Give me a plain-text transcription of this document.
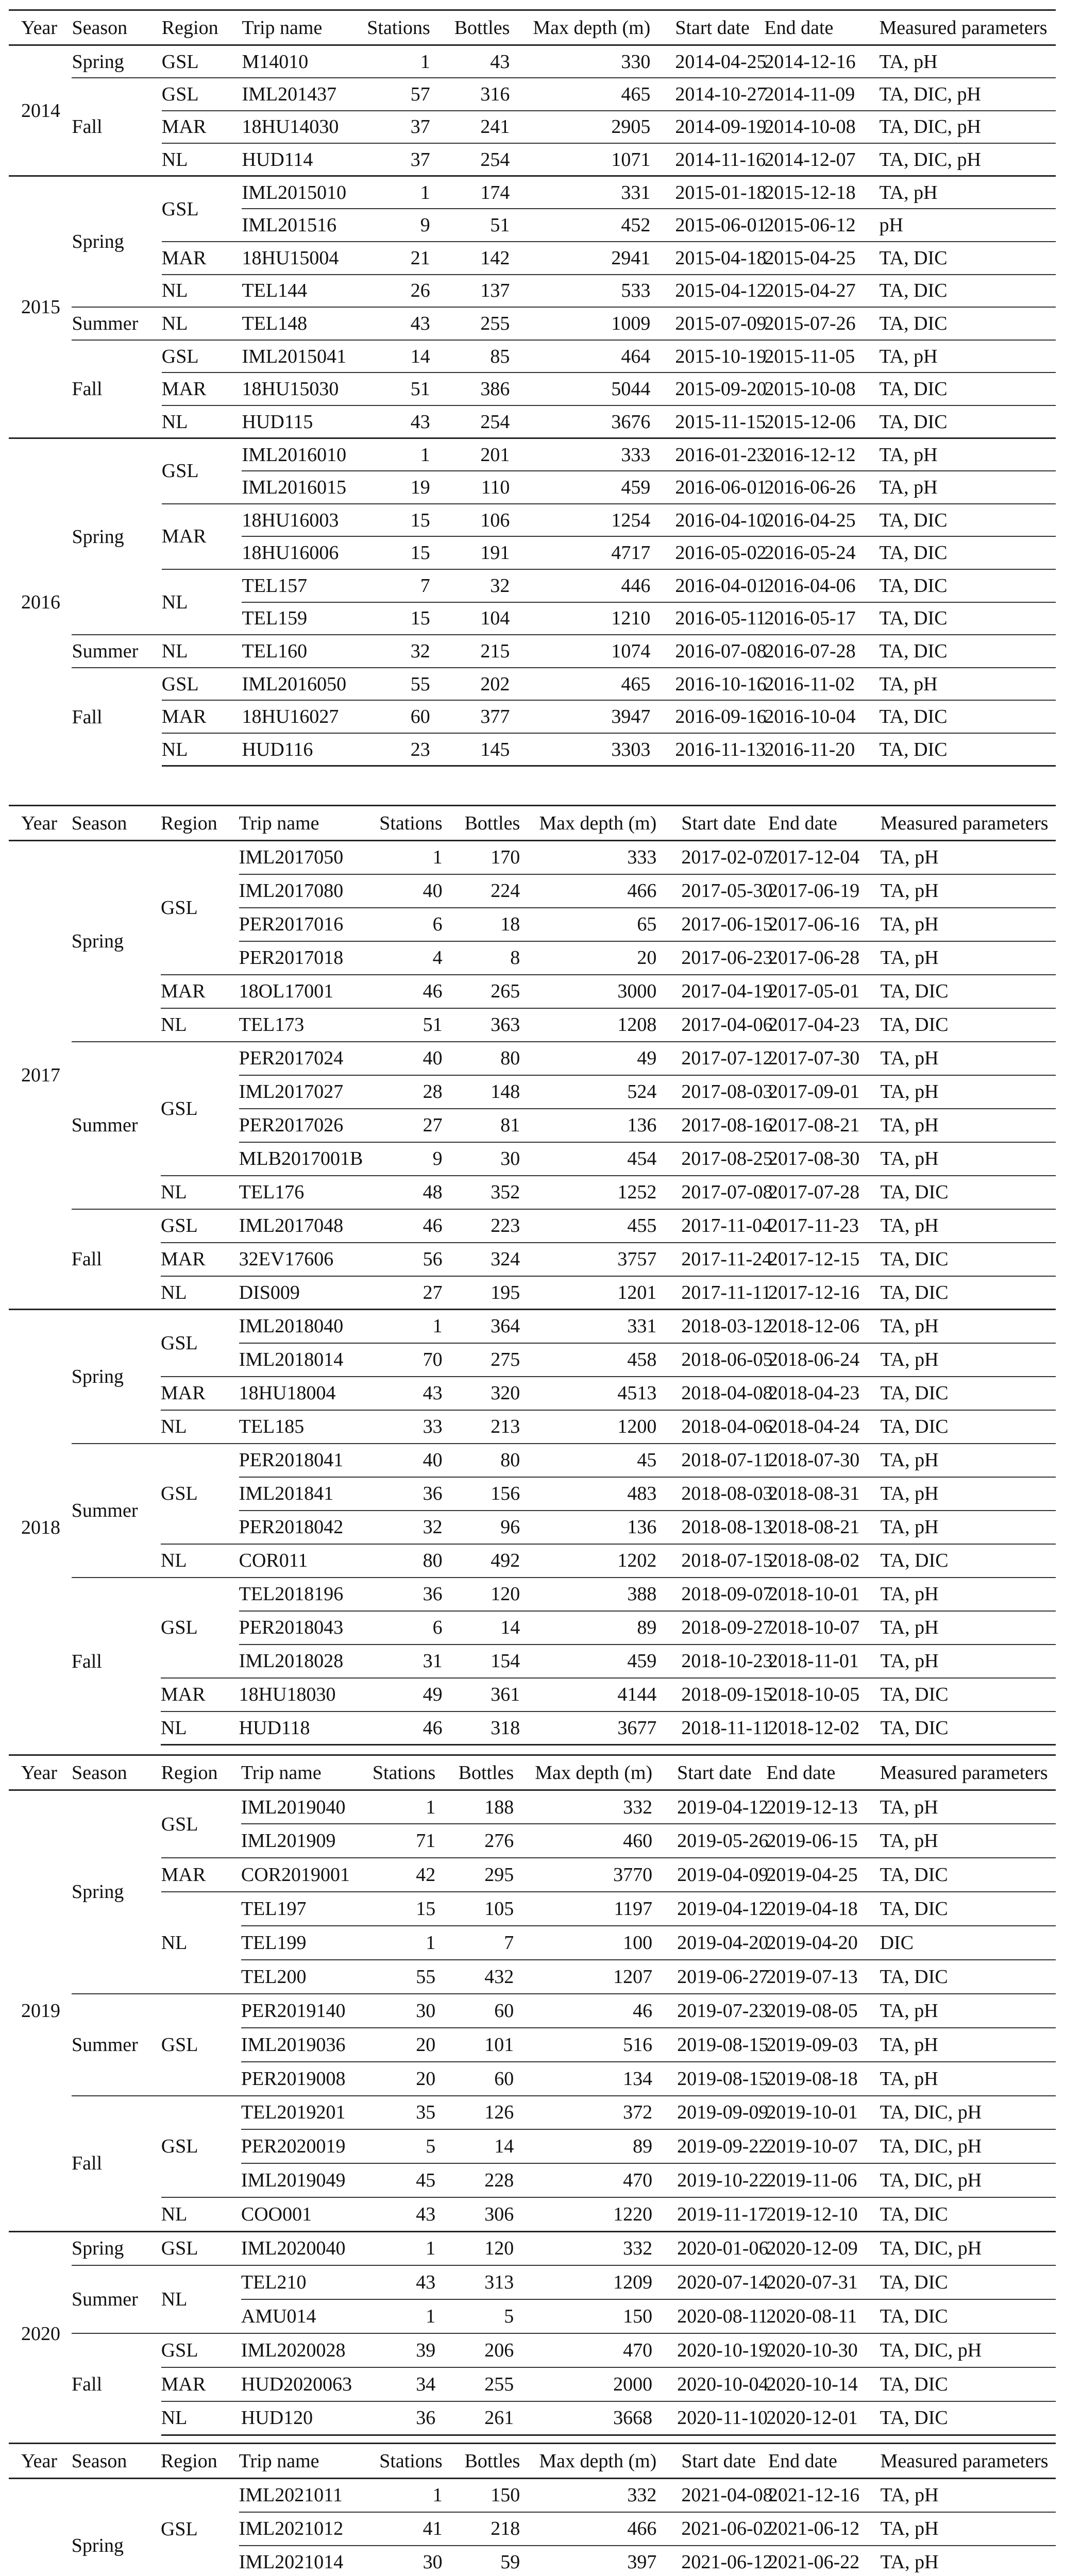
Year	Season	Region	Trip name	Stations	Bottles	Max depth (m)	Start date	End date	Measured parameters
2014	Spring	GSL	M14010	1	43	330	2014-04-25	2014-12-16	TA, pH
	Fall	GSL	IML201437	57	316	465	2014-10-27	2014-11-09	TA, DIC, pH
		MAR	18HU14030	37	241	2905	2014-09-19	2014-10-08	TA, DIC, pH
		NL	HUD114	37	254	1071	2014-11-16	2014-12-07	TA, DIC, pH
2015	Spring	GSL	IML2015010	1	174	331	2015-01-18	2015-12-18	TA, pH
			IML201516	9	51	452	2015-06-01	2015-06-12	pH
		MAR	18HU15004	21	142	2941	2015-04-18	2015-04-25	TA, DIC
		NL	TEL144	26	137	533	2015-04-12	2015-04-27	TA, DIC
	Summer	NL	TEL148	43	255	1009	2015-07-09	2015-07-26	TA, DIC
	Fall	GSL	IML2015041	14	85	464	2015-10-19	2015-11-05	TA, pH
		MAR	18HU15030	51	386	5044	2015-09-20	2015-10-08	TA, DIC
		NL	HUD115	43	254	3676	2015-11-15	2015-12-06	TA, DIC
2016	Spring	GSL	IML2016010	1	201	333	2016-01-23	2016-12-12	TA, pH
			IML2016015	19	110	459	2016-06-01	2016-06-26	TA, pH
		MAR	18HU16003	15	106	1254	2016-04-10	2016-04-25	TA, DIC
			18HU16006	15	191	4717	2016-05-02	2016-05-24	TA, DIC
		NL	TEL157	7	32	446	2016-04-01	2016-04-06	TA, DIC
			TEL159	15	104	1210	2016-05-11	2016-05-17	TA, DIC
	Summer	NL	TEL160	32	215	1074	2016-07-08	2016-07-28	TA, DIC
	Fall	GSL	IML2016050	55	202	465	2016-10-16	2016-11-02	TA, pH
		MAR	18HU16027	60	377	3947	2016-09-16	2016-10-04	TA, DIC
		NL	HUD116	23	145	3303	2016-11-13	2016-11-20	TA, DIC
Year	Season	Region	Trip name	Stations	Bottles	Max depth (m)	Start date	End date	Measured parameters
2017	Spring	GSL	IML2017050	1	170	333	2017-02-07	2017-12-04	TA, pH
			IML2017080	40	224	466	2017-05-30	2017-06-19	TA, pH
			PER2017016	6	18	65	2017-06-15	2017-06-16	TA, pH
			PER2017018	4	8	20	2017-06-23	2017-06-28	TA, pH
		MAR	18OL17001	46	265	3000	2017-04-19	2017-05-01	TA, DIC
		NL	TEL173	51	363	1208	2017-04-06	2017-04-23	TA, DIC
	Summer	GSL	PER2017024	40	80	49	2017-07-12	2017-07-30	TA, pH
			IML2017027	28	148	524	2017-08-03	2017-09-01	TA, pH
			PER2017026	27	81	136	2017-08-16	2017-08-21	TA, pH
			MLB2017001B	9	30	454	2017-08-25	2017-08-30	TA, pH
		NL	TEL176	48	352	1252	2017-07-08	2017-07-28	TA, DIC
	Fall	GSL	IML2017048	46	223	455	2017-11-04	2017-11-23	TA, pH
		MAR	32EV17606	56	324	3757	2017-11-24	2017-12-15	TA, DIC
		NL	DIS009	27	195	1201	2017-11-11	2017-12-16	TA, DIC
2018	Spring	GSL	IML2018040	1	364	331	2018-03-12	2018-12-06	TA, pH
			IML2018014	70	275	458	2018-06-05	2018-06-24	TA, pH
		MAR	18HU18004	43	320	4513	2018-04-08	2018-04-23	TA, DIC
		NL	TEL185	33	213	1200	2018-04-06	2018-04-24	TA, DIC
	Summer	GSL	PER2018041	40	80	45	2018-07-11	2018-07-30	TA, pH
			IML201841	36	156	483	2018-08-03	2018-08-31	TA, pH
			PER2018042	32	96	136	2018-08-13	2018-08-21	TA, pH
		NL	COR011	80	492	1202	2018-07-15	2018-08-02	TA, DIC
	Fall	GSL	TEL2018196	36	120	388	2018-09-07	2018-10-01	TA, pH
			PER2018043	6	14	89	2018-09-27	2018-10-07	TA, pH
			IML2018028	31	154	459	2018-10-23	2018-11-01	TA, pH
		MAR	18HU18030	49	361	4144	2018-09-15	2018-10-05	TA, DIC
		NL	HUD118	46	318	3677	2018-11-11	2018-12-02	TA, DIC
Year	Season	Region	Trip name	Stations	Bottles	Max depth (m)	Start date	End date	Measured parameters
2019	Spring	GSL	IML2019040	1	188	332	2019-04-12	2019-12-13	TA, pH
			IML201909	71	276	460	2019-05-26	2019-06-15	TA, pH
		MAR	COR2019001	42	295	3770	2019-04-09	2019-04-25	TA, DIC
		NL	TEL197	15	105	1197	2019-04-12	2019-04-18	TA, DIC
			TEL199	1	7	100	2019-04-20	2019-04-20	DIC
			TEL200	55	432	1207	2019-06-27	2019-07-13	TA, DIC
	Summer	GSL	PER2019140	30	60	46	2019-07-23	2019-08-05	TA, pH
			IML2019036	20	101	516	2019-08-15	2019-09-03	TA, pH
			PER2019008	20	60	134	2019-08-15	2019-08-18	TA, pH
	Fall	GSL	TEL2019201	35	126	372	2019-09-09	2019-10-01	TA, DIC, pH
			PER2020019	5	14	89	2019-09-22	2019-10-07	TA, DIC, pH
			IML2019049	45	228	470	2019-10-22	2019-11-06	TA, DIC, pH
		NL	COO001	43	306	1220	2019-11-17	2019-12-10	TA, DIC
2020	Spring	GSL	IML2020040	1	120	332	2020-01-06	2020-12-09	TA, DIC, pH
	Summer	NL	TEL210	43	313	1209	2020-07-14	2020-07-31	TA, DIC
			AMU014	1	5	150	2020-08-11	2020-08-11	TA, DIC
	Fall	GSL	IML2020028	39	206	470	2020-10-19	2020-10-30	TA, DIC, pH
		MAR	HUD2020063	34	255	2000	2020-10-04	2020-10-14	TA, DIC
		NL	HUD120	36	261	3668	2020-11-10	2020-12-01	TA, DIC
Year	Season	Region	Trip name	Stations	Bottles	Max depth (m)	Start date	End date	Measured parameters
	Spring	GSL	IML2021011	1	150	332	2021-04-08	2021-12-16	TA, pH
			IML2021012	41	218	466	2021-06-02	2021-06-12	TA, pH
			IML2021014	30	59	397	2021-06-12	2021-06-22	TA, pH
